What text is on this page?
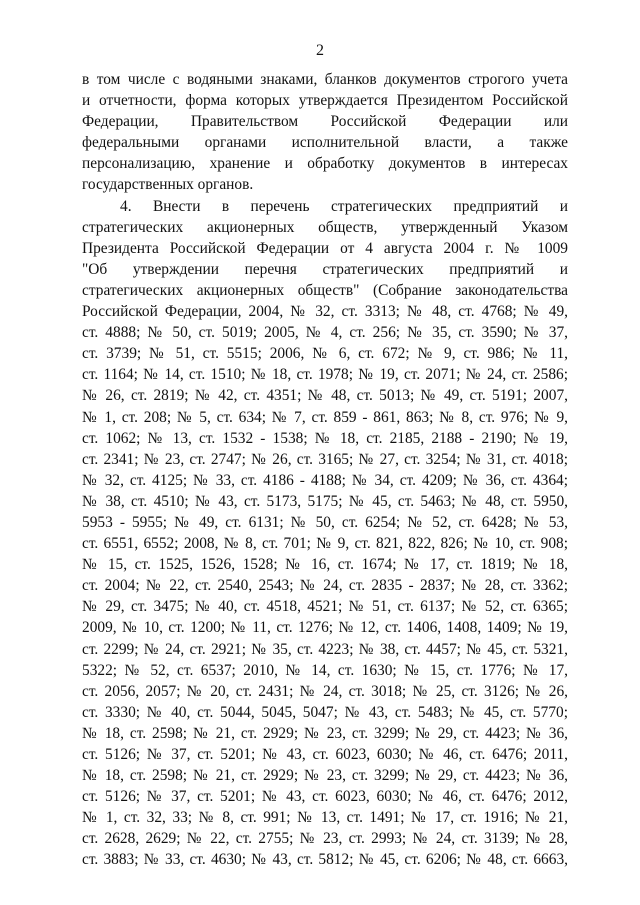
2
в том числе с водяными знаками, бланков документов строгого учета
и отчетности, форма которых утверждается Президентом Российской
Федерации, Правительством Российской Федерации или
федеральными органами исполнительной власти, а также
персонализацию, хранение и обработку документов в интересах
государственных органов.
4. Внести в перечень стратегических предприятий и
стратегических акционерных обществ, утвержденный Указом
Президента Российской Федерации от 4 августа 2004 г. № 1009
"Об утверждении перечня стратегических предприятий и
стратегических акционерных обществ" (Собрание законодательства
Российской Федерации, 2004, № 32, ст. 3313; № 48, ст. 4768; № 49,
ст. 4888; № 50, ст. 5019; 2005, № 4, ст. 256; № 35, ст. 3590; № 37,
ст. 3739; № 51, ст. 5515; 2006, № 6, ст. 672; № 9, ст. 986; № 11,
ст. 1164; № 14, ст. 1510; № 18, ст. 1978; № 19, ст. 2071; № 24, ст. 2586;
№ 26, ст. 2819; № 42, ст. 4351; № 48, ст. 5013; № 49, ст. 5191; 2007,
№ 1, ст. 208; № 5, ст. 634; № 7, ст. 859 - 861, 863; № 8, ст. 976; № 9,
ст. 1062; № 13, ст. 1532 - 1538; № 18, ст. 2185, 2188 - 2190; № 19,
ст. 2341; № 23, ст. 2747; № 26, ст. 3165; № 27, ст. 3254; № 31, ст. 4018;
№ 32, ст. 4125; № 33, ст. 4186 - 4188; № 34, ст. 4209; № 36, ст. 4364;
№ 38, ст. 4510; № 43, ст. 5173, 5175; № 45, ст. 5463; № 48, ст. 5950,
5953 - 5955; № 49, ст. 6131; № 50, ст. 6254; № 52, ст. 6428; № 53,
ст. 6551, 6552; 2008, № 8, ст. 701; № 9, ст. 821, 822, 826; № 10, ст. 908;
№ 15, ст. 1525, 1526, 1528; № 16, ст. 1674; № 17, ст. 1819; № 18,
ст. 2004; № 22, ст. 2540, 2543; № 24, ст. 2835 - 2837; № 28, ст. 3362;
№ 29, ст. 3475; № 40, ст. 4518, 4521; № 51, ст. 6137; № 52, ст. 6365;
2009, № 10, ст. 1200; № 11, ст. 1276; № 12, ст. 1406, 1408, 1409; № 19,
ст. 2299; № 24, ст. 2921; № 35, ст. 4223; № 38, ст. 4457; № 45, ст. 5321,
5322; № 52, ст. 6537; 2010, № 14, ст. 1630; № 15, ст. 1776; № 17,
ст. 2056, 2057; № 20, ст. 2431; № 24, ст. 3018; № 25, ст. 3126; № 26,
ст. 3330; № 40, ст. 5044, 5045, 5047; № 43, ст. 5483; № 45, ст. 5770;
№ 18, ст. 2598; № 21, ст. 2929; № 23, ст. 3299; № 29, ст. 4423; № 36,
ст. 5126; № 37, ст. 5201; № 43, ст. 6023, 6030; № 46, ст. 6476; 2011,
№ 18, ст. 2598; № 21, ст. 2929; № 23, ст. 3299; № 29, ст. 4423; № 36,
ст. 5126; № 37, ст. 5201; № 43, ст. 6023, 6030; № 46, ст. 6476; 2012,
№ 1, ст. 32, 33; № 8, ст. 991; № 13, ст. 1491; № 17, ст. 1916; № 21,
ст. 2628, 2629; № 22, ст. 2755; № 23, ст. 2993; № 24, ст. 3139; № 28,
ст. 3883; № 33, ст. 4630; № 43, ст. 5812; № 45, ст. 6206; № 48, ст. 6663,
